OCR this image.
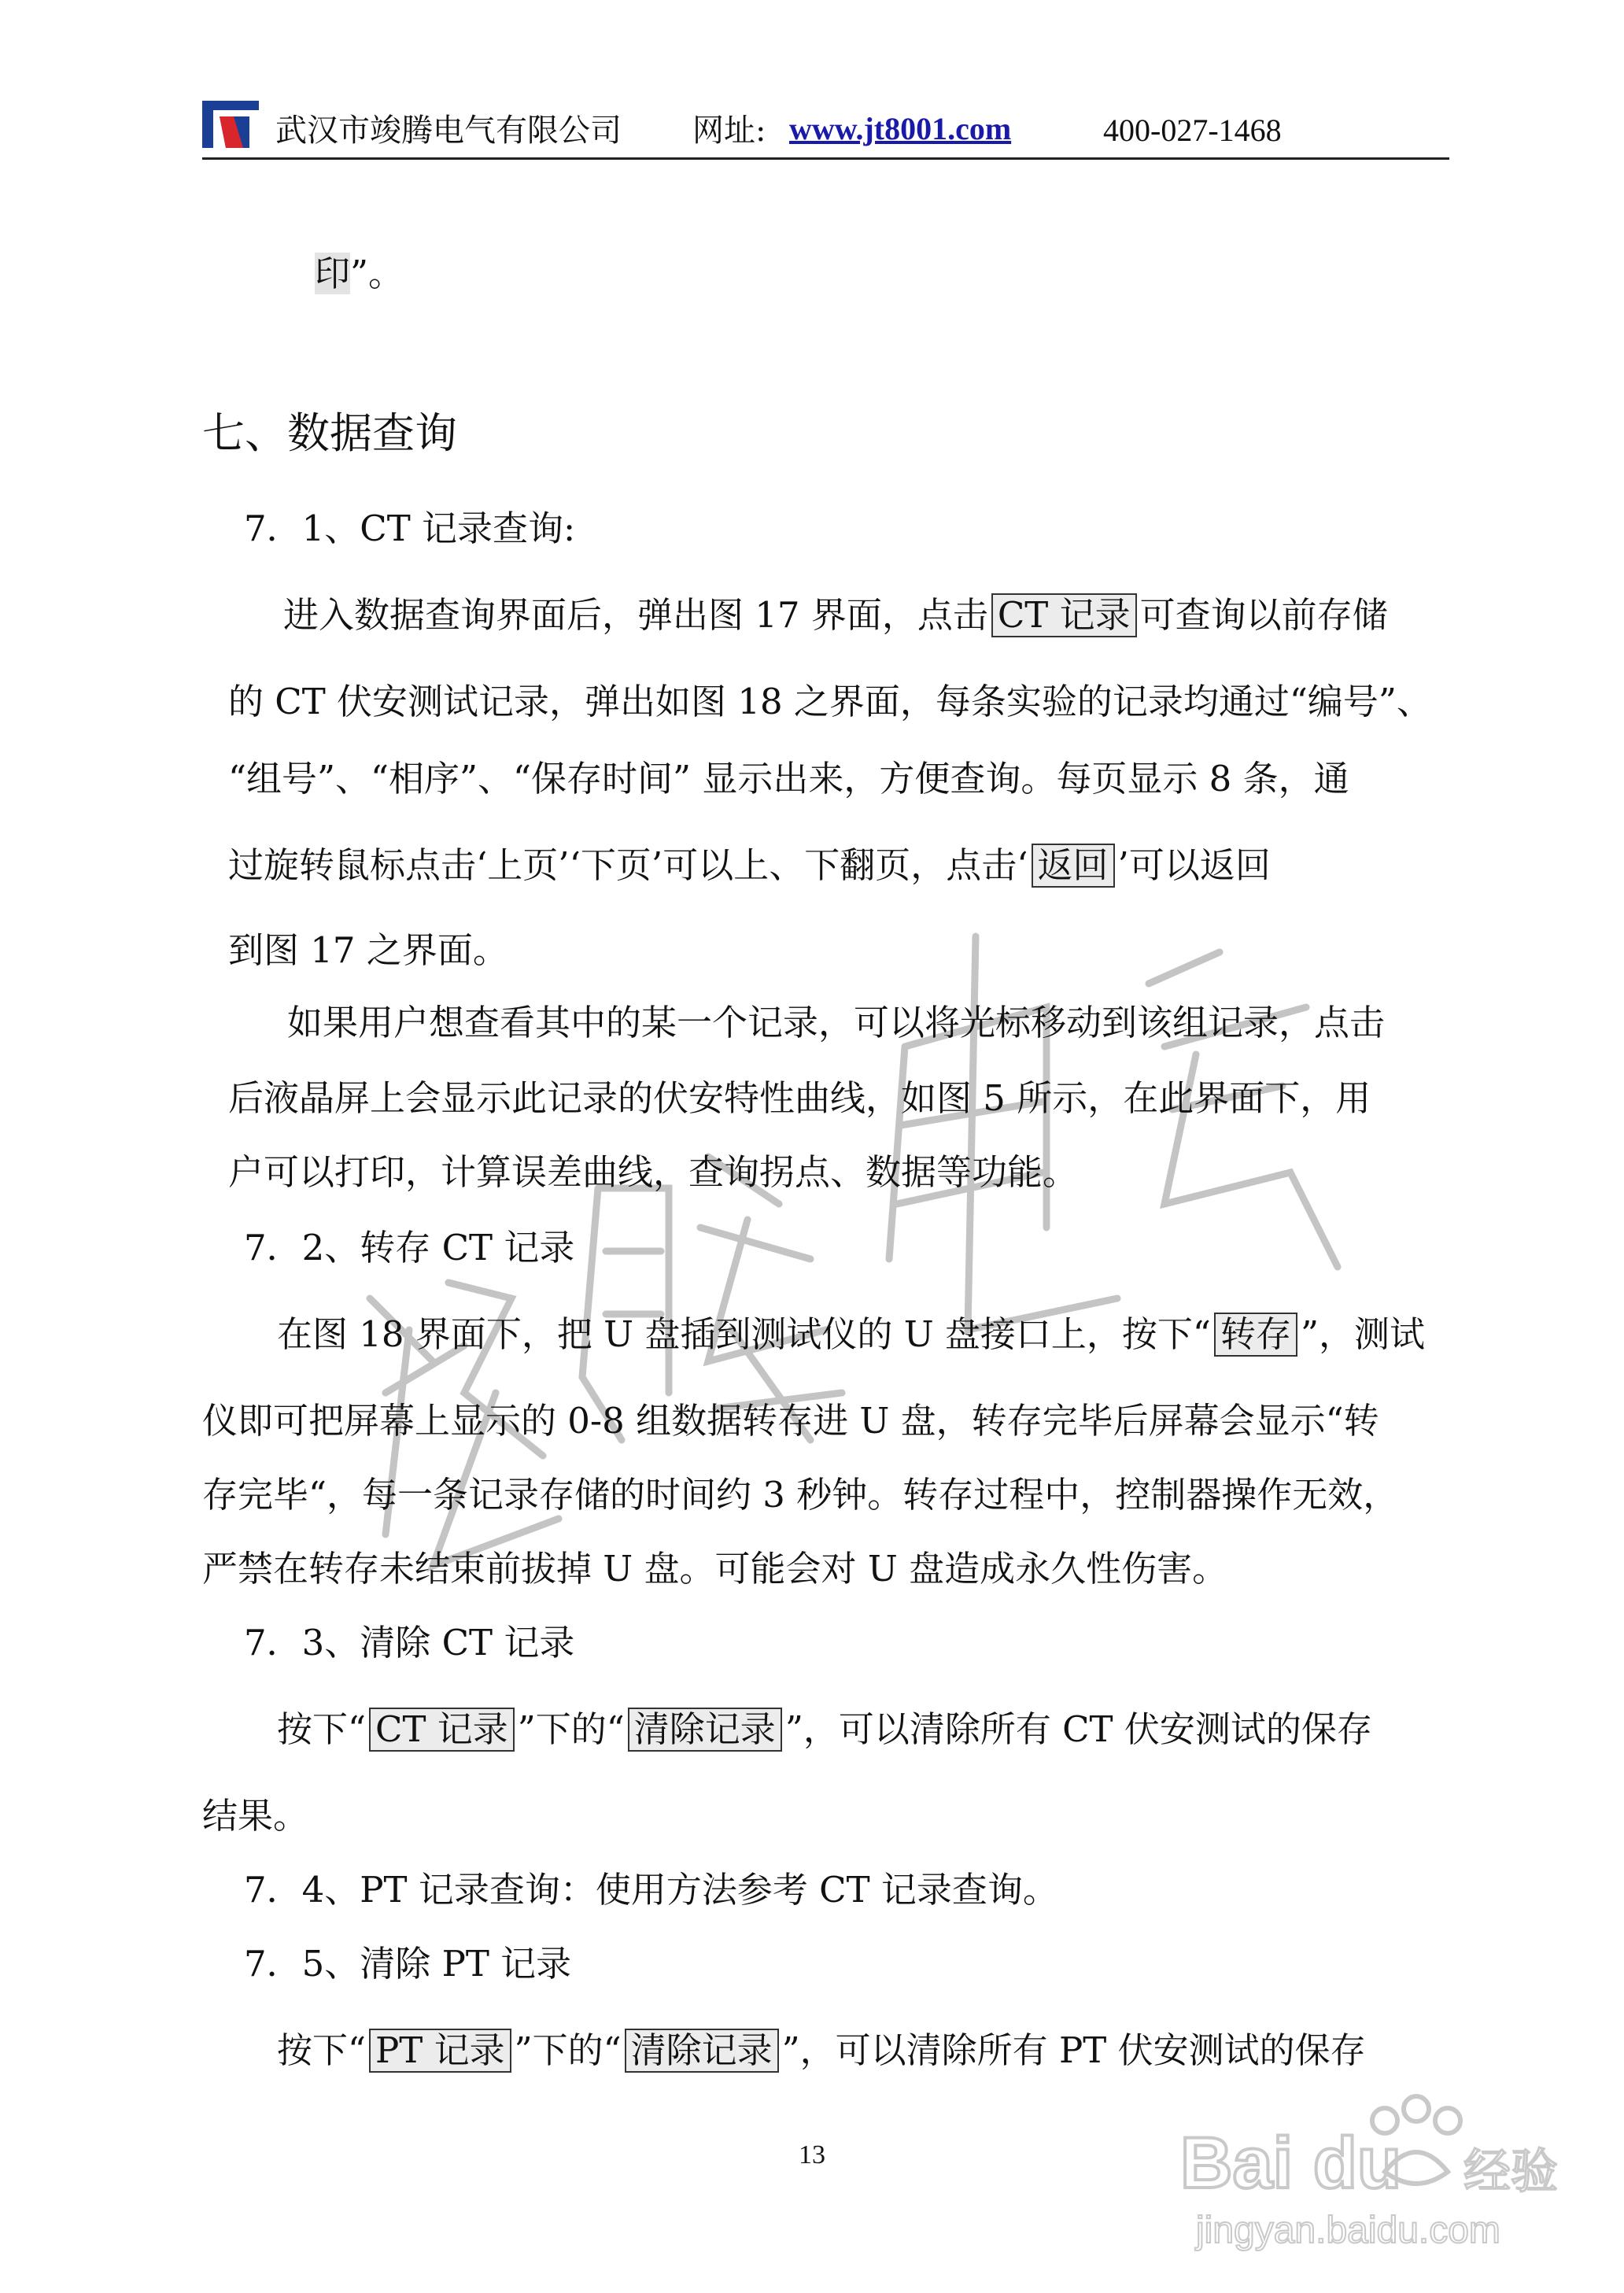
武汉市竣腾电气有限公司 网址: www.jt8001.com	400-027-1468
印”。
七、数据查询
7．1、CT 记录查询:
进入数据查询界面后，弹出图 17 界面，点击 CT 记录 可查询以前存储
的 CT 伏安测试记录，弹出如图 18 之界面，每条实验的记录均通过“编号”、
“组号”、“相序”、“保存时间” 显示出来，方便查询。每页显示 8 条，通
过旋转鼠标点击‘上页’‘下页’可以上、下翻页，点击‘ 返回 ’可以返回
到图 17 之界面。
如果用户想查看其中的某一个记录，可以将光标移动到该组记录，点击
后液晶屏上会显示此记录的伏安特性曲线，如图 5 所示，在此界面下，用
户可以打印，计算误差曲线，查询拐点、数据等功能。
7．2、转存 CT 记录
在图 18 界面下，把 U 盘插到测试仪的 U 盘接口上，按下“ 转存 ”，测试
仪即可把屏幕上显示的 0-8 组数据转存进 U 盘，转存完毕后屏幕会显示“转
存完毕“，每一条记录存储的时间约 3 秒钟。转存过程中，控制器操作无效，
严禁在转存未结束前拔掉 U 盘。可能会对 U 盘造成永久性伤害。
7．3、清除 CT 记录
按下“ CT 记录 ”下的“ 清除记录 ”，可以清除所有 CT 伏安测试的保存
结果。
7．4、PT 记录查询：使用方法参考 CT 记录查询。
7．5、清除 PT 记录
按下“ PT 记录 ”下的“ 清除记录 ”，可以清除所有 PT 伏安测试的保存
13	Bai du 经验
jingyan.baidu.com
